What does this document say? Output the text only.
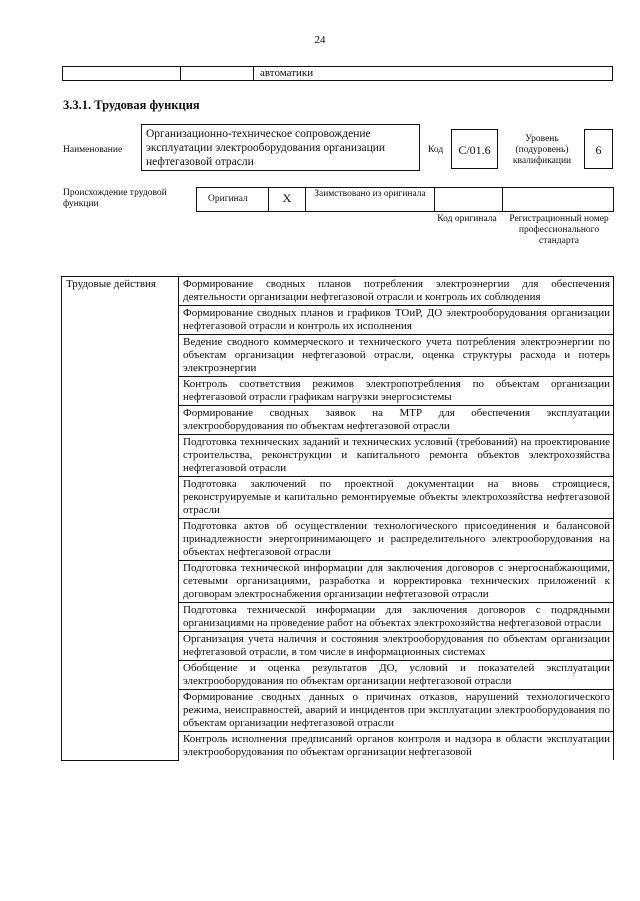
24
		автоматики
3.3.1. Трудовая функция
Наименование
Организационно-техническое сопровождение эксплуатации электрооборудования организации нефтегазовой отрасли
Код	С/01.6
Уровень (подуровень) квалификации
6
Происхождение трудовой функции	Оригинал	X	Заимствовано из оригинала
Код оригинала Регистрационный номер профессионального стандарта
Трудовые действия	Формирование сводных планов потребления электроэнергии для обеспечения деятельности организации нефтегазовой отрасли и контроль их соблюдения
Формирование сводных планов и графиков ТОиР, ДО электрооборудования организации нефтегазовой отрасли и контроль их исполнения
Ведение сводного коммерческого и технического учета потребления электроэнергии по объектам организации нефтегазовой отрасли, оценка структуры расхода и потерь электроэнергии
Контроль соответствия режимов электропотребления по объектам организации нефтегазовой отрасли графикам нагрузки энергосистемы
Формирование сводных заявок на МТР для обеспечения эксплуатации электрооборудования по объектам нефтегазовой отрасли
Подготовка технических заданий и технических условий (требований) на проектирование строительства, реконструкции и капитального ремонта объектов электрохозяйства нефтегазовой отрасли
Подготовка заключений по проектной документации на вновь строящиеся, реконструируемые и капитально ремонтируемые объекты электрохозяйства нефтегазовой отрасли
Подготовка актов об осуществлении технологического присоединения и балансовой принадлежности энергопринимающего и распределительного электрооборудования на объектах нефтегазовой отрасли
Подготовка технической информации для заключения договоров с энергоснабжающими, сетевыми организациями, разработка и корректировка технических приложений к договорам электроснабжения организации нефтегазовой отрасли
Подготовка технической информации для заключения договоров с подрядными организациями на проведение работ на объектах электрохозяйства нефтегазовой отрасли
Организация учета наличия и состояния электрооборудования по объектам организации нефтегазовой отрасли, в том числе в информационных системах
Обобщение и оценка результатов ДО, условий и показателей эксплуатации электрооборудования по объектам организации нефтегазовой отрасли
Формирование сводных данных о причинах отказов, нарушений технологического режима, неисправностей, аварий и инцидентов при эксплуатации электрооборудования по объектам организации нефтегазовой отрасли
Контроль исполнения предписаний органов контроля и надзора в области эксплуатации электрооборудования по объектам организации нефтегазовой
